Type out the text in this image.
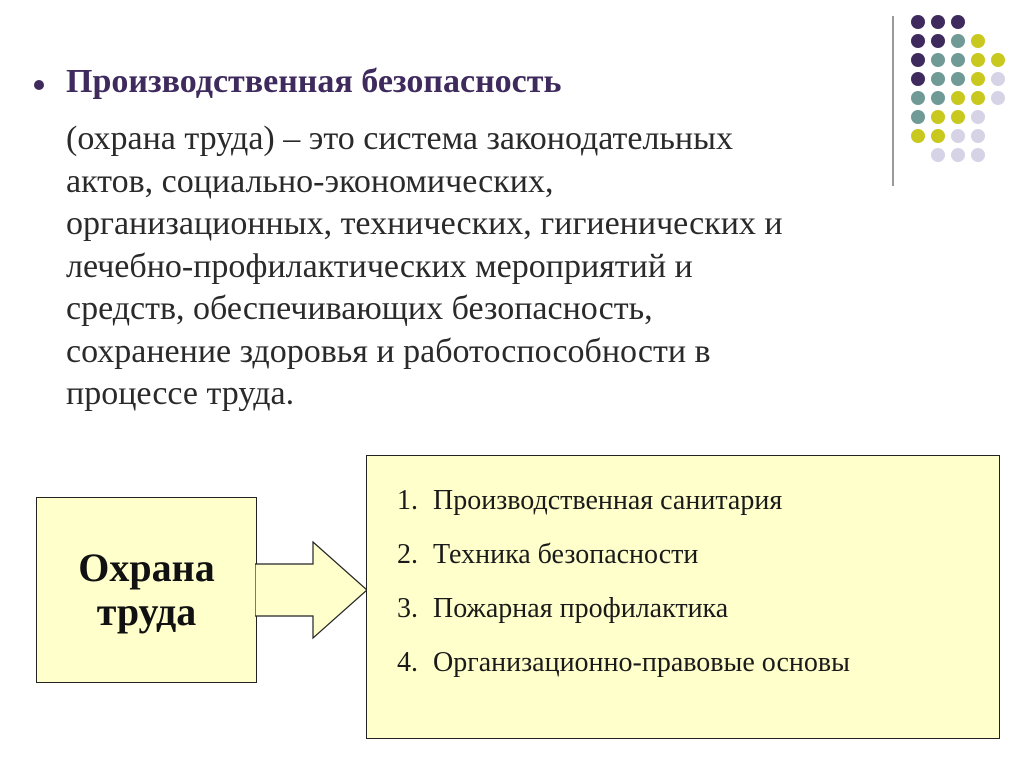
Производственная безопасность
(охрана труда) – это система законодательных
актов, социально-экономических,
организационных, технических, гигиенических и
лечебно-профилактических мероприятий и
средств, обеспечивающих безопасность,
сохранение здоровья и работоспособности в
процессе труда.
Охрана
труда
1. Производственная санитария
2. Техника безопасности
3. Пожарная профилактика
4. Организационно-правовые основы
